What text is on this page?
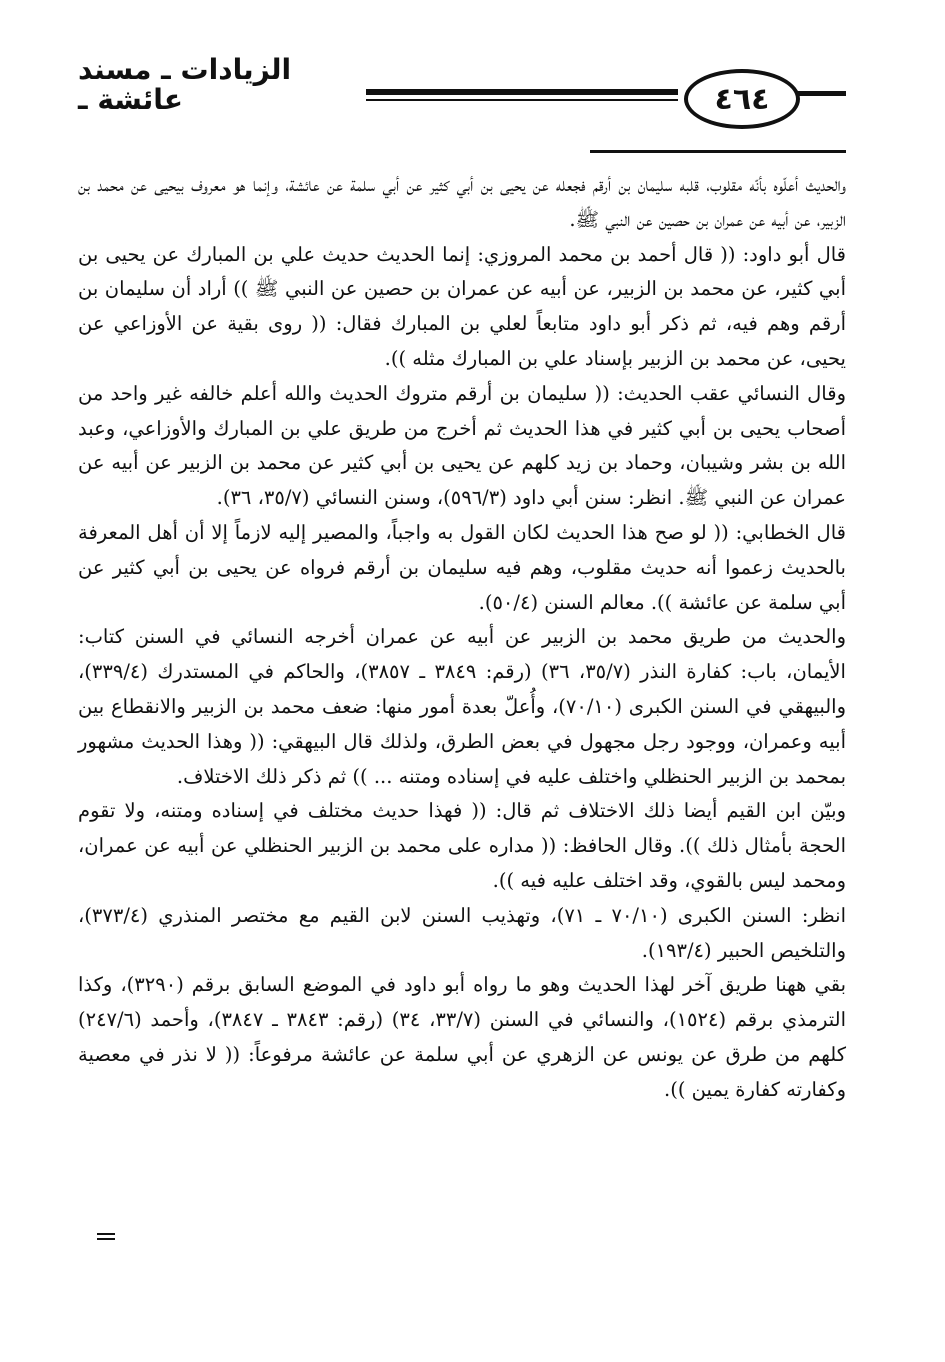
الزيادات ـ مسند عائشة ـ	٤٦٤

والحديث أعلّوه بأنّه مقلوب، قلبه سليمان بن أرقم فجعله عن يحيى بن أبي كثير عن أبي سلمة عن عائشة، وإنما هو معروف بيحيى عن محمد بن الزبير، عن أبيه عن عمران بن حصين عن النبي ﷺ.

قال أبو داود: (( قال أحمد بن محمد المروزي: إنما الحديث حديث علي بن المبارك عن يحيى بن أبي كثير، عن محمد بن الزبير، عن أبيه عن عمران بن حصين عن النبي ﷺ )) أراد أن سليمان بن أرقم وهم فيه، ثم ذكر أبو داود متابعاً لعلي بن المبارك فقال: (( روى بقية عن الأوزاعي عن يحيى، عن محمد بن الزبير بإسناد علي بن المبارك مثله )).

وقال النسائي عقب الحديث: (( سليمان بن أرقم متروك الحديث والله أعلم خالفه غير واحد من أصحاب يحيى بن أبي كثير في هذا الحديث ثم أخرج من طريق علي بن المبارك والأوزاعي، وعبد الله بن بشر وشيبان، وحماد بن زيد كلهم عن يحيى بن أبي كثير عن محمد بن الزبير عن أبيه عن عمران عن النبي ﷺ. انظر: سنن أبي داود (٥٩٦/٣)، وسنن النسائي (٣٥/٧، ٣٦).

قال الخطابي: (( لو صح هذا الحديث لكان القول به واجباً، والمصير إليه لازماً إلا أن أهل المعرفة بالحديث زعموا أنه حديث مقلوب، وهم فيه سليمان بن أرقم فرواه عن يحيى بن أبي كثير عن أبي سلمة عن عائشة )). معالم السنن (٥٠/٤).

والحديث من طريق محمد بن الزبير عن أبيه عن عمران أخرجه النسائي في السنن كتاب: الأيمان، باب: كفارة النذر (٣٥/٧، ٣٦) (رقم: ٣٨٤٩ ـ ٣٨٥٧)، والحاكم في المستدرك (٣٣٩/٤)، والبيهقي في السنن الكبرى (٧٠/١٠)، وأُعلّ بعدة أمور منها: ضعف محمد بن الزبير والانقطاع بين أبيه وعمران، ووجود رجل مجهول في بعض الطرق، ولذلك قال البيهقي: (( وهذا الحديث مشهور بمحمد بن الزبير الحنظلي واختلف عليه في إسناده ومتنه ... )) ثم ذكر ذلك الاختلاف.

وبيّن ابن القيم أيضا ذلك الاختلاف ثم قال: (( فهذا حديث مختلف في إسناده ومتنه، ولا تقوم الحجة بأمثال ذلك )). وقال الحافظ: (( مداره على محمد بن الزبير الحنظلي عن أبيه عن عمران، ومحمد ليس بالقوي، وقد اختلف عليه فيه )).

انظر: السنن الكبرى (٧٠/١٠ ـ ٧١)، وتهذيب السنن لابن القيم مع مختصر المنذري (٣٧٣/٤)، والتلخيص الحبير (١٩٣/٤).

بقي ههنا طريق آخر لهذا الحديث وهو ما رواه أبو داود في الموضع السابق برقم (٣٢٩٠)، وكذا الترمذي برقم (١٥٢٤)، والنسائي في السنن (٣٣/٧، ٣٤) (رقم: ٣٨٤٣ ـ ٣٨٤٧)، وأحمد (٢٤٧/٦) كلهم من طرق عن يونس عن الزهري عن أبي سلمة عن عائشة مرفوعاً: (( لا نذر في معصية وكفارته كفارة يمين )).
